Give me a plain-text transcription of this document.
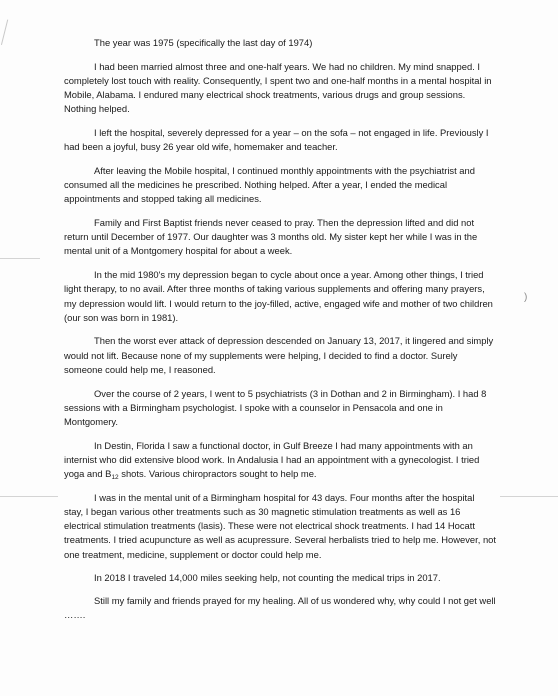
)

The year was 1975 (specifically the last day of 1974)

I had been married almost three and one-half years. We had no children. My mind snapped. I completely lost touch with reality. Consequently, I spent two and one-half months in a mental hospital in Mobile, Alabama. I endured many electrical shock treatments, various drugs and group sessions. Nothing helped.

I left the hospital, severely depressed for a year – on the sofa – not engaged in life. Previously I had been a joyful, busy 26 year old wife, homemaker and teacher.

After leaving the Mobile hospital, I continued monthly appointments with the psychiatrist and consumed all the medicines he prescribed. Nothing helped. After a year, I ended the medical appointments and stopped taking all medicines.

Family and First Baptist friends never ceased to pray. Then the depression lifted and did not return until December of 1977. Our daughter was 3 months old. My sister kept her while I was in the mental unit of a Montgomery hospital for about a week.

In the mid 1980's my depression began to cycle about once a year. Among other things, I tried light therapy, to no avail. After three months of taking various supplements and offering many prayers, my depression would lift. I would return to the joy-filled, active, engaged wife and mother of two children (our son was born in 1981).

Then the worst ever attack of depression descended on January 13, 2017, it lingered and simply would not lift. Because none of my supplements were helping, I decided to find a doctor. Surely someone could help me, I reasoned.

Over the course of 2 years, I went to 5 psychiatrists (3 in Dothan and 2 in Birmingham). I had 8 sessions with a Birmingham psychologist. I spoke with a counselor in Pensacola and one in Montgomery.

In Destin, Florida I saw a functional doctor, in Gulf Breeze I had many appointments with an internist who did extensive blood work. In Andalusia I had an appointment with a gynecologist. I tried yoga and $B_{12}$ shots. Various chiropractors sought to help me.

I was in the mental unit of a Birmingham hospital for 43 days. Four months after the hospital stay, I began various other treatments such as 30 magnetic stimulation treatments as well as 16 electrical stimulation treatments (lasis). These were not electrical shock treatments. I had 14 Hocatt treatments. I tried acupuncture as well as acupressure. Several herbalists tried to help me. However, not one treatment, medicine, supplement or doctor could help me.

In 2018 I traveled 14,000 miles seeking help, not counting the medical trips in 2017.

Still my family and friends prayed for my healing. All of us wondered why, why could I not get well …….
